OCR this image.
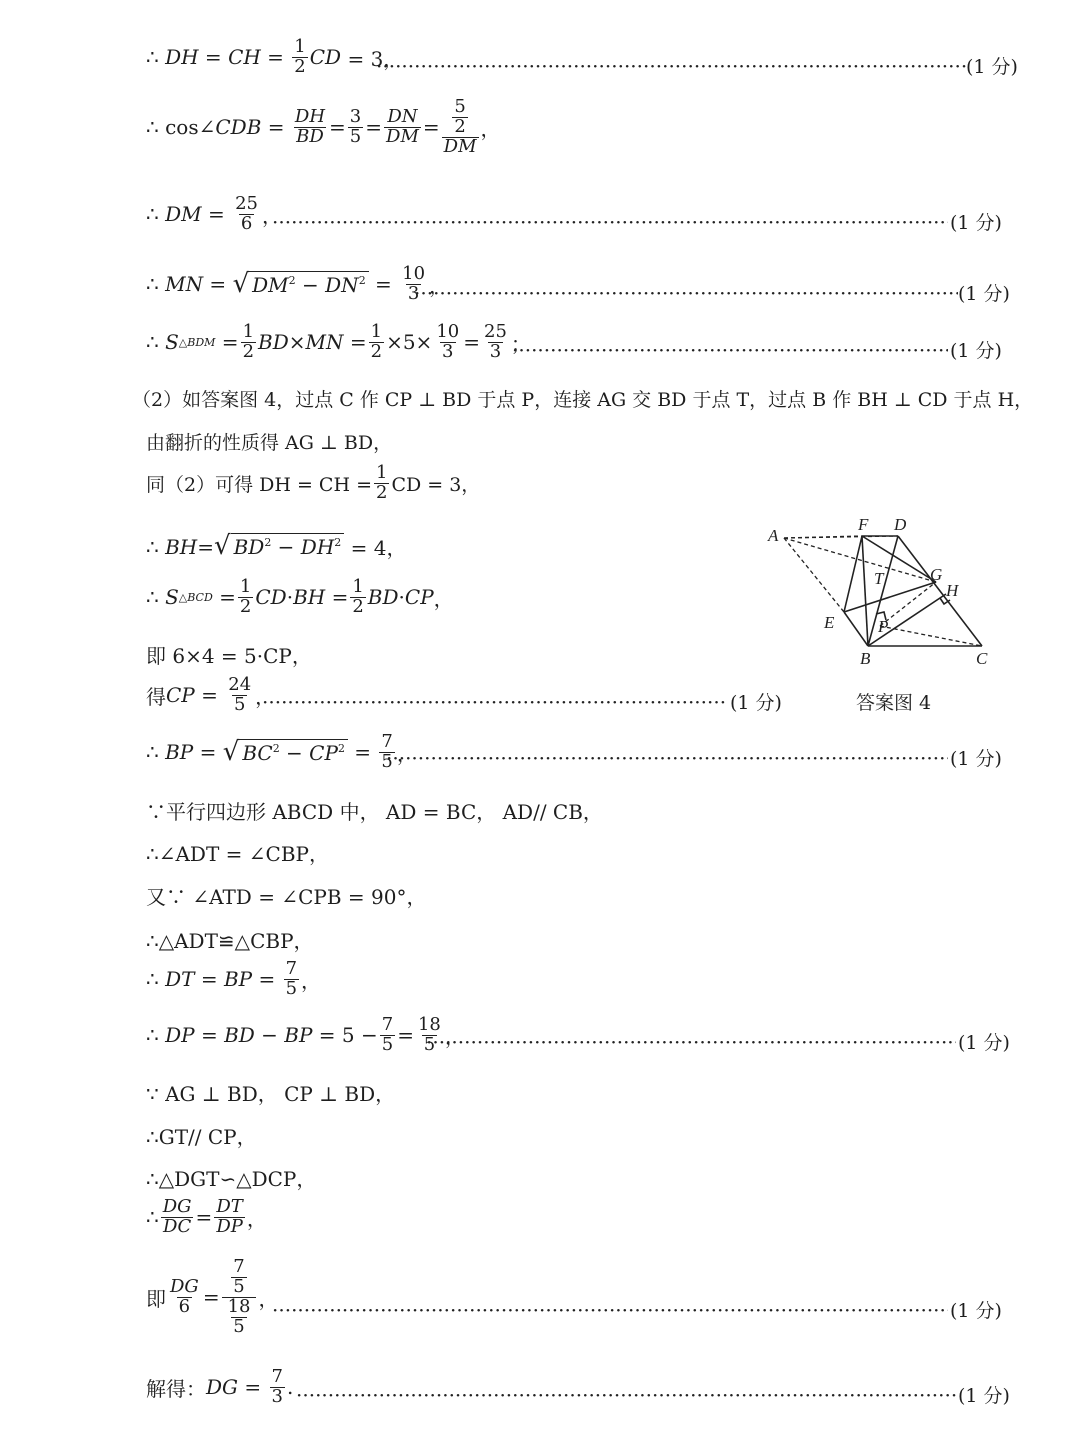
∴ DH = CH = $\frac{1}{2}$ CD = 3， ·····	(1 分)
∴ cos∠ CDB = $\frac{DH}{BD} = \frac{3}{5} = \frac{DN}{DM} = \frac{\frac{5}{2}}{DM}$ ，
∴ DM = $\frac{25}{6}$ ， ·····	(1 分)
∴ MN = √ $DM^2 - DN^2 = \frac{10}{3}$ ， ·····	(1 分)
∴ S △BDM = $\frac{1}{2}$ BD × MN = $\frac{1}{2} \times 5\times \frac{10}{3} = \frac{25}{3}$ ； ·····	(1 分)
（2）如答案图 4，过点 C 作 CP ⊥ BD 于点 P，连接 AG 交 BD 于点 T，过点 B 作 BH ⊥ CD 于点 H，
由翻折的性质得 AG ⊥ BD，
同（2）可得 DH = CH = $\frac{1}{2}$ CD = 3，
∴ BH = √ $BD^2 - DH^2 = 4$，
∴ S △BCD = $\frac{1}{2}$ CD · BH = $\frac{1}{2}$ BD · CP ，
即 6×4 = 5·CP，
得 CP = $\frac{24}{5}$ ， ·····	(1 分)
∴ BP = √ $BC^2 - CP^2 = \frac{7}{5}$ ， ·····	(1 分)
∵平行四边形 ABCD 中， AD = BC， AD// CB，
∴∠ADT = ∠CBP，
又∵ ∠ATD = ∠CPB = 90°，
∴△ADT≌△CBP，
∴ DT = BP = $\frac{7}{5}$ ，
∴ DP = BD − BP = $5 - \frac{7}{5} = \frac{18}{5}$ ， ·····	(1 分)
∵ AG ⊥ BD， CP ⊥ BD，
∴GT// CP，
∴△DGT∽△DCP，
∴ $\frac{DG}{DC} = \frac{DT}{DP}$ ，
即 $\frac{DG}{6} = \frac{\frac{7}{5}}{\frac{18}{5}}$ ，
·····
(1 分)
解得： DG =
$\frac{7}{3}$ . ·····	(1 分)
A
F D
T	G
H
E	P
B	C
答案图 4
